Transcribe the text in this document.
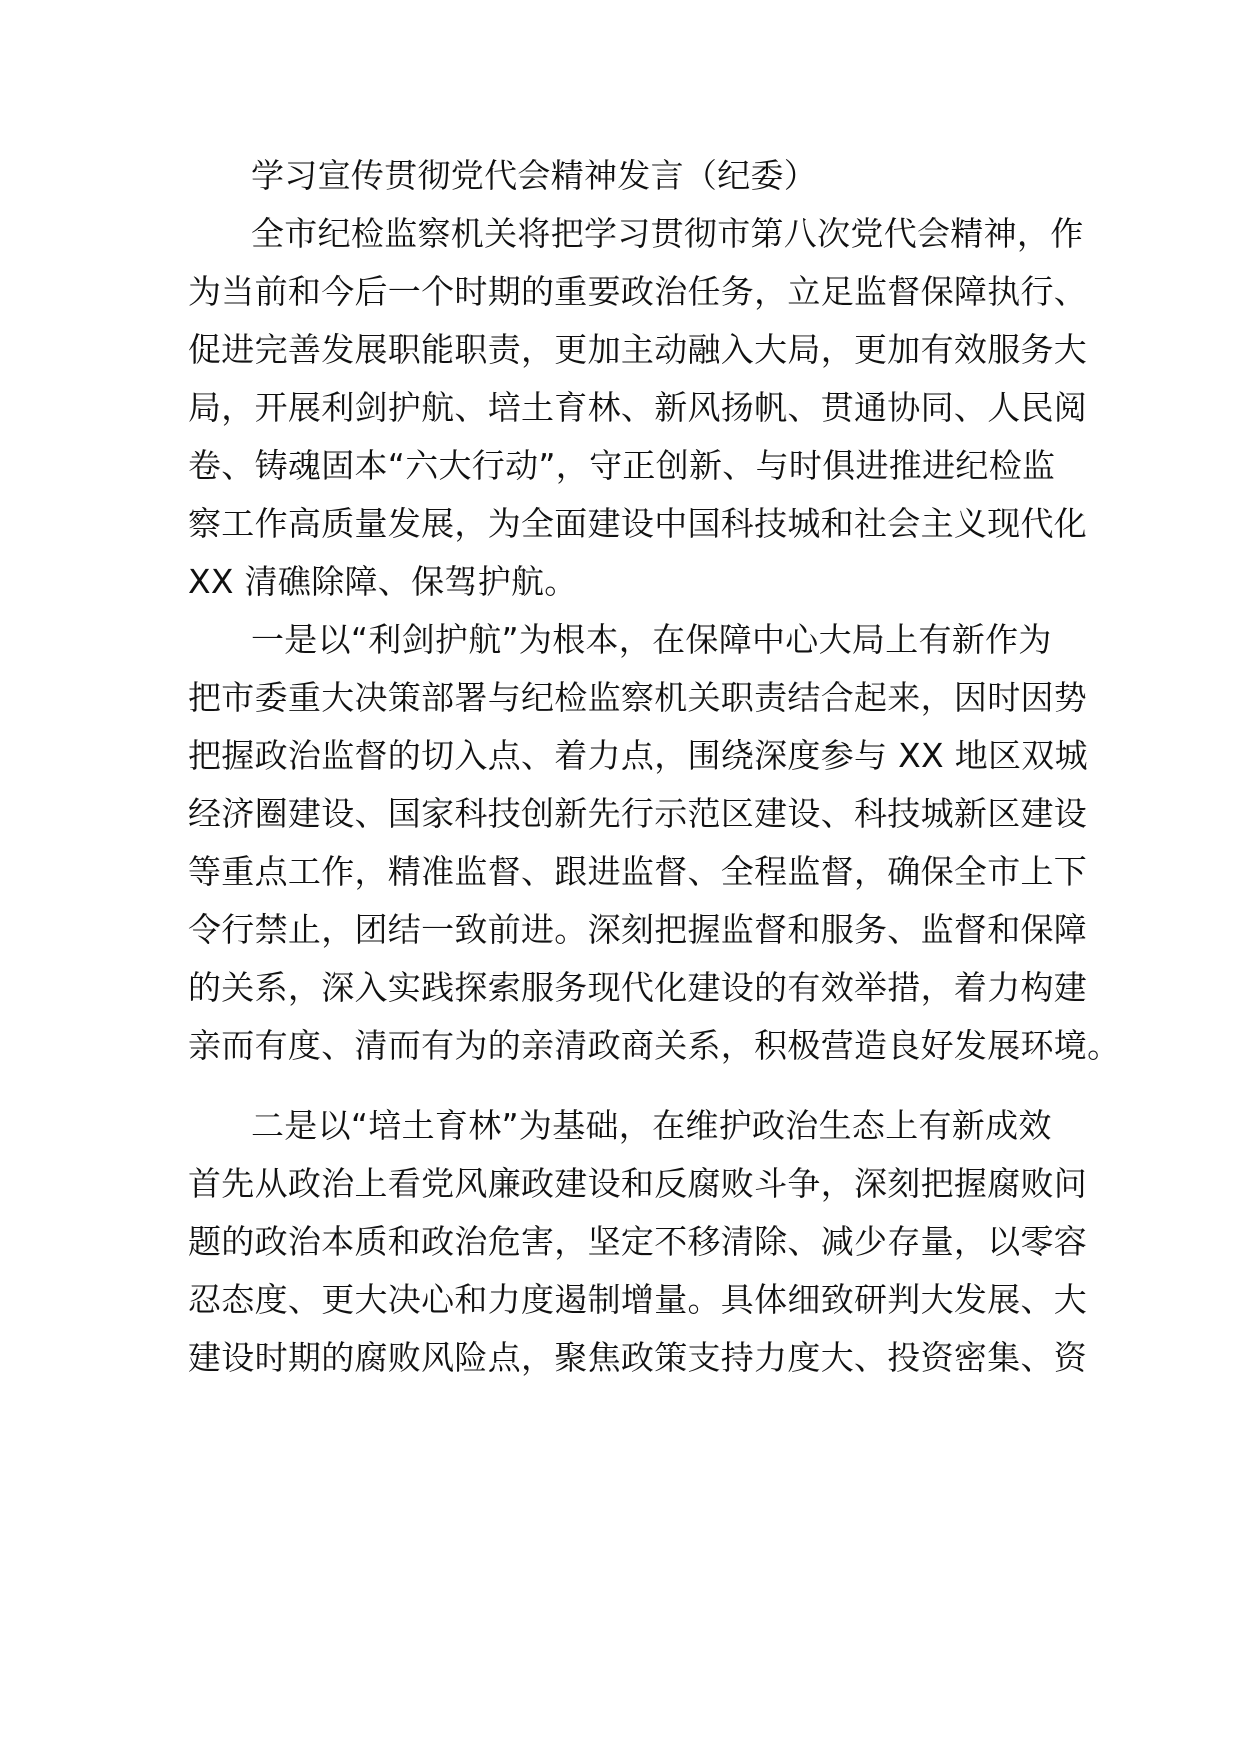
学习宣传贯彻党代会精神发言（纪委）
全市纪检监察机关将把学习贯彻市第八次党代会精神，作
为当前和今后一个时期的重要政治任务，立足监督保障执行、
促进完善发展职能职责，更加主动融入大局，更加有效服务大
局，开展利剑护航、培土育林、新风扬帆、贯通协同、人民阅
卷、铸魂固本“六大行动”，守正创新、与时俱进推进纪检监
察工作高质量发展，为全面建设中国科技城和社会主义现代化
XX 清礁除障、保驾护航。
一是以“利剑护航”为根本，在保障中心大局上有新作为
把市委重大决策部署与纪检监察机关职责结合起来，因时因势
把握政治监督的切入点、着力点，围绕深度参与 XX 地区双城
经济圈建设、国家科技创新先行示范区建设、科技城新区建设
等重点工作，精准监督、跟进监督、全程监督，确保全市上下
令行禁止，团结一致前进。深刻把握监督和服务、监督和保障
的关系，深入实践探索服务现代化建设的有效举措，着力构建
亲而有度、清而有为的亲清政商关系，积极营造良好发展环境。
二是以“培土育林”为基础，在维护政治生态上有新成效
首先从政治上看党风廉政建设和反腐败斗争，深刻把握腐败问
题的政治本质和政治危害，坚定不移清除、减少存量，以零容
忍态度、更大决心和力度遏制增量。具体细致研判大发展、大
建设时期的腐败风险点，聚焦政策支持力度大、投资密集、资
